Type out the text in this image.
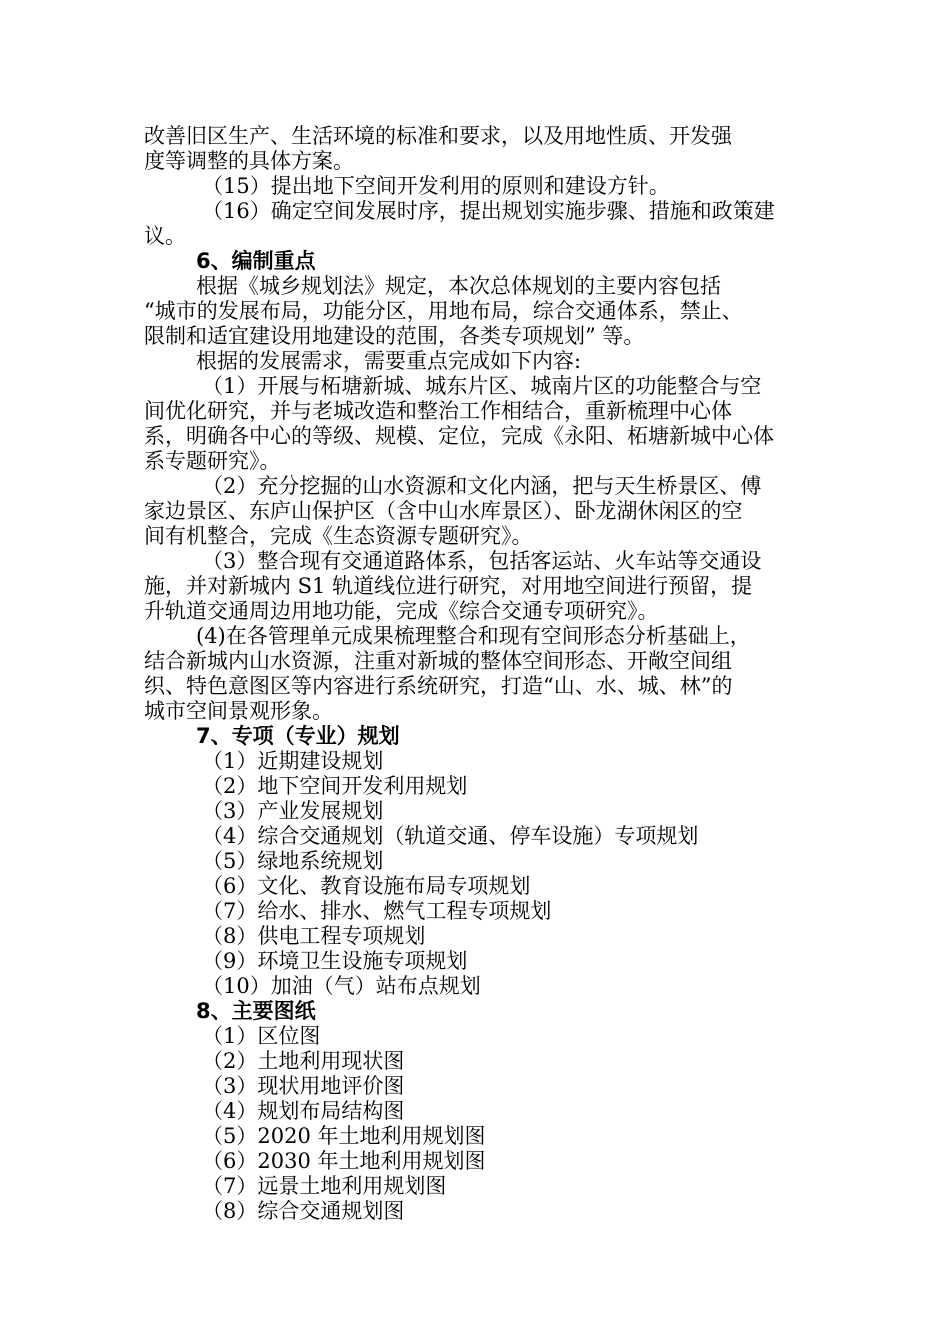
改善旧区生产、生活环境的标准和要求，以及用地性质、开发强
度等调整的具体方案。
（15）提出地下空间开发利用的原则和建设方针。
（16）确定空间发展时序，提出规划实施步骤、措施和政策建
议。
6、编制重点
根据《城乡规划法》规定，本次总体规划的主要内容包括
“城市的发展布局，功能分区，用地布局，综合交通体系，禁止、
限制和适宜建设用地建设的范围，各类专项规划” 等。
根据的发展需求，需要重点完成如下内容:
（1）开展与柘塘新城、城东片区、城南片区的功能整合与空
间优化研究，并与老城改造和整治工作相结合，重新梳理中心体
系，明确各中心的等级、规模、定位，完成《永阳、柘塘新城中心体
系专题研究》。
（2）充分挖掘的山水资源和文化内涵，把与天生桥景区、傅
家边景区、东庐山保护区（含中山水库景区）、卧龙湖休闲区的空
间有机整合，完成《生态资源专题研究》。
（3）整合现有交通道路体系，包括客运站、火车站等交通设
施，并对新城内 S1 轨道线位进行研究，对用地空间进行预留，提
升轨道交通周边用地功能，完成《综合交通专项研究》。
(4)在各管理单元成果梳理整合和现有空间形态分析基础上，
结合新城内山水资源，注重对新城的整体空间形态、开敞空间组
织、特色意图区等内容进行系统研究，打造“山、水、城、林”的
城市空间景观形象。
7、专项（专业）规划
（1）近期建设规划
（2）地下空间开发利用规划
（3）产业发展规划
（4）综合交通规划（轨道交通、停车设施）专项规划
（5）绿地系统规划
（6）文化、教育设施布局专项规划
（7）给水、排水、燃气工程专项规划
（8）供电工程专项规划
（9）环境卫生设施专项规划
（10）加油（气）站布点规划
8、主要图纸
（1）区位图
（2）土地利用现状图
（3）现状用地评价图
（4）规划布局结构图
（5）2020 年土地利用规划图
（6）2030 年土地利用规划图
（7）远景土地利用规划图
（8）综合交通规划图
